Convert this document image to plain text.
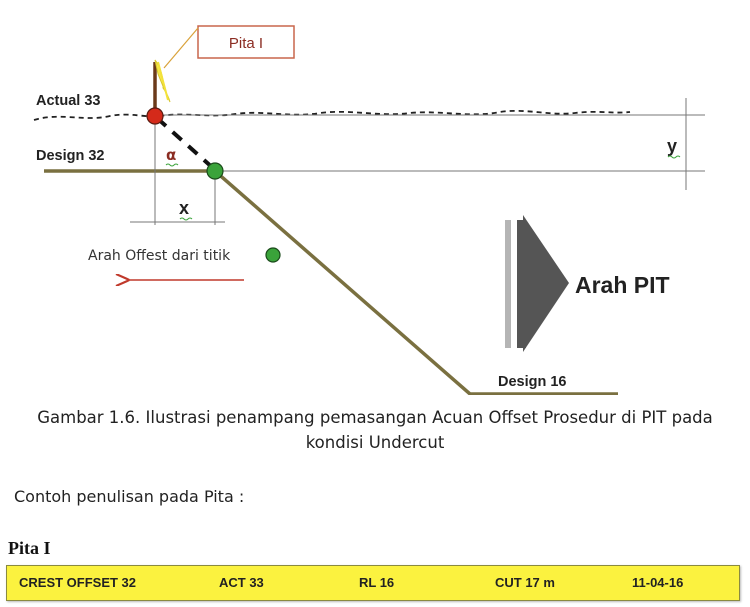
Pita I
Actual 33
y
Design 32
Design 16
x
α
Arah Offest dari titik
Arah PIT
Gambar 1.6. Ilustrasi penampang pemasangan Acuan Offset Prosedur di PIT pada
kondisi Undercut
Contoh penulisan pada Pita :
Pita I
CREST OFFSET 32	ACT 33	RL 16	CUT 17 m	11-04-16
